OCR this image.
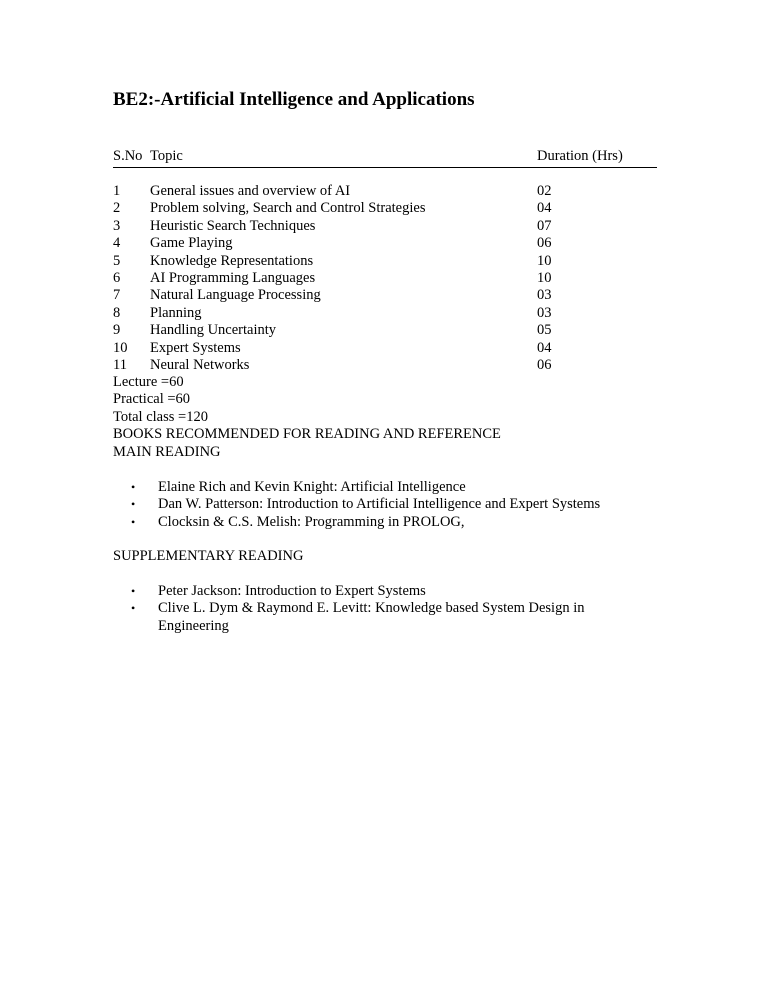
BE2:-Artificial Intelligence and Applications
S.No Topic	Duration (Hrs)
1 General issues and overview of AI	02
2 Problem solving, Search and Control Strategies	04
3 Heuristic Search Techniques	07
4 Game Playing	06
5 Knowledge Representations	10
6 AI Programming Languages	10
7 Natural Language Processing	03
8 Planning	03
9 Handling Uncertainty	05
10 Expert Systems	04
11 Neural Networks	06
Lecture =60
Practical =60
Total class =120
BOOKS RECOMMENDED FOR READING AND REFERENCE
MAIN READING
• Elaine Rich and Kevin Knight: Artificial Intelligence
• Dan W. Patterson: Introduction to Artificial Intelligence and Expert Systems
• Clocksin & C.S. Melish: Programming in PROLOG,
SUPPLEMENTARY READING
• Peter Jackson: Introduction to Expert Systems
• Clive L. Dym & Raymond E. Levitt: Knowledge based System Design in Engineering
